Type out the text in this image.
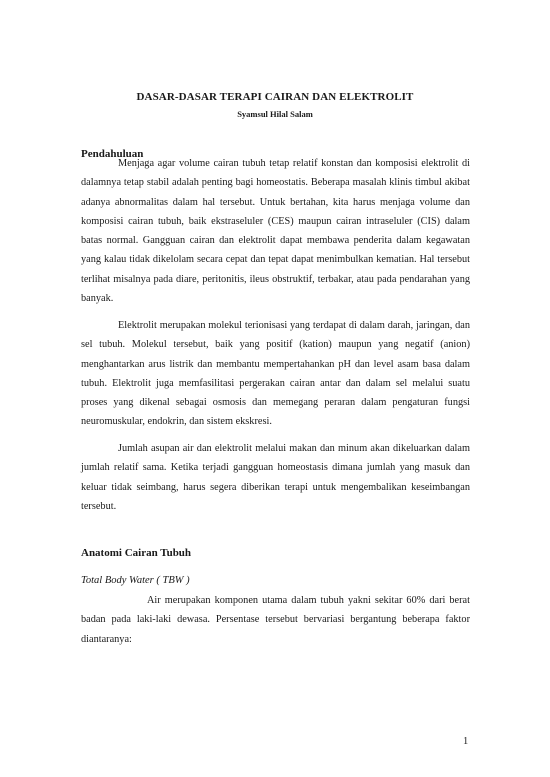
DASAR-DASAR TERAPI CAIRAN DAN ELEKTROLIT
Syamsul Hilal Salam
Pendahuluan

Menjaga agar volume cairan tubuh tetap relatif konstan dan komposisi elektrolit di dalamnya tetap stabil adalah penting bagi homeostatis. Beberapa masalah klinis timbul akibat adanya abnormalitas dalam hal tersebut. Untuk bertahan, kita harus menjaga volume dan komposisi cairan tubuh, baik ekstraseluler (CES) maupun cairan intraseluler (CIS) dalam batas normal. Gangguan cairan dan elektrolit dapat membawa penderita dalam kegawatan yang kalau tidak dikelolam secara cepat dan tepat dapat menimbulkan kematian. Hal tersebut terlihat misalnya pada diare, peritonitis, ileus obstruktif, terbakar, atau pada pendarahan yang banyak.

Elektrolit merupakan molekul terionisasi yang terdapat di dalam darah, jaringan, dan sel tubuh. Molekul tersebut, baik yang positif (kation) maupun yang negatif (anion) menghantarkan arus listrik dan membantu mempertahankan pH dan level asam basa dalam tubuh. Elektrolit juga memfasilitasi pergerakan cairan antar dan dalam sel melalui suatu proses yang dikenal sebagai osmosis dan memegang peraran dalam pengaturan fungsi neuromuskular, endokrin, dan sistem ekskresi.

Jumlah asupan air dan elektrolit melalui makan dan minum akan dikeluarkan dalam jumlah relatif sama. Ketika terjadi gangguan homeostasis dimana jumlah yang masuk dan keluar tidak seimbang, harus segera diberikan terapi untuk mengembalikan keseimbangan tersebut.

Anatomi Cairan Tubuh
Total Body Water ( TBW )

Air merupakan komponen utama dalam tubuh yakni sekitar 60% dari berat badan pada laki-laki dewasa. Persentase tersebut bervariasi bergantung beberapa faktor diantaranya:

1
